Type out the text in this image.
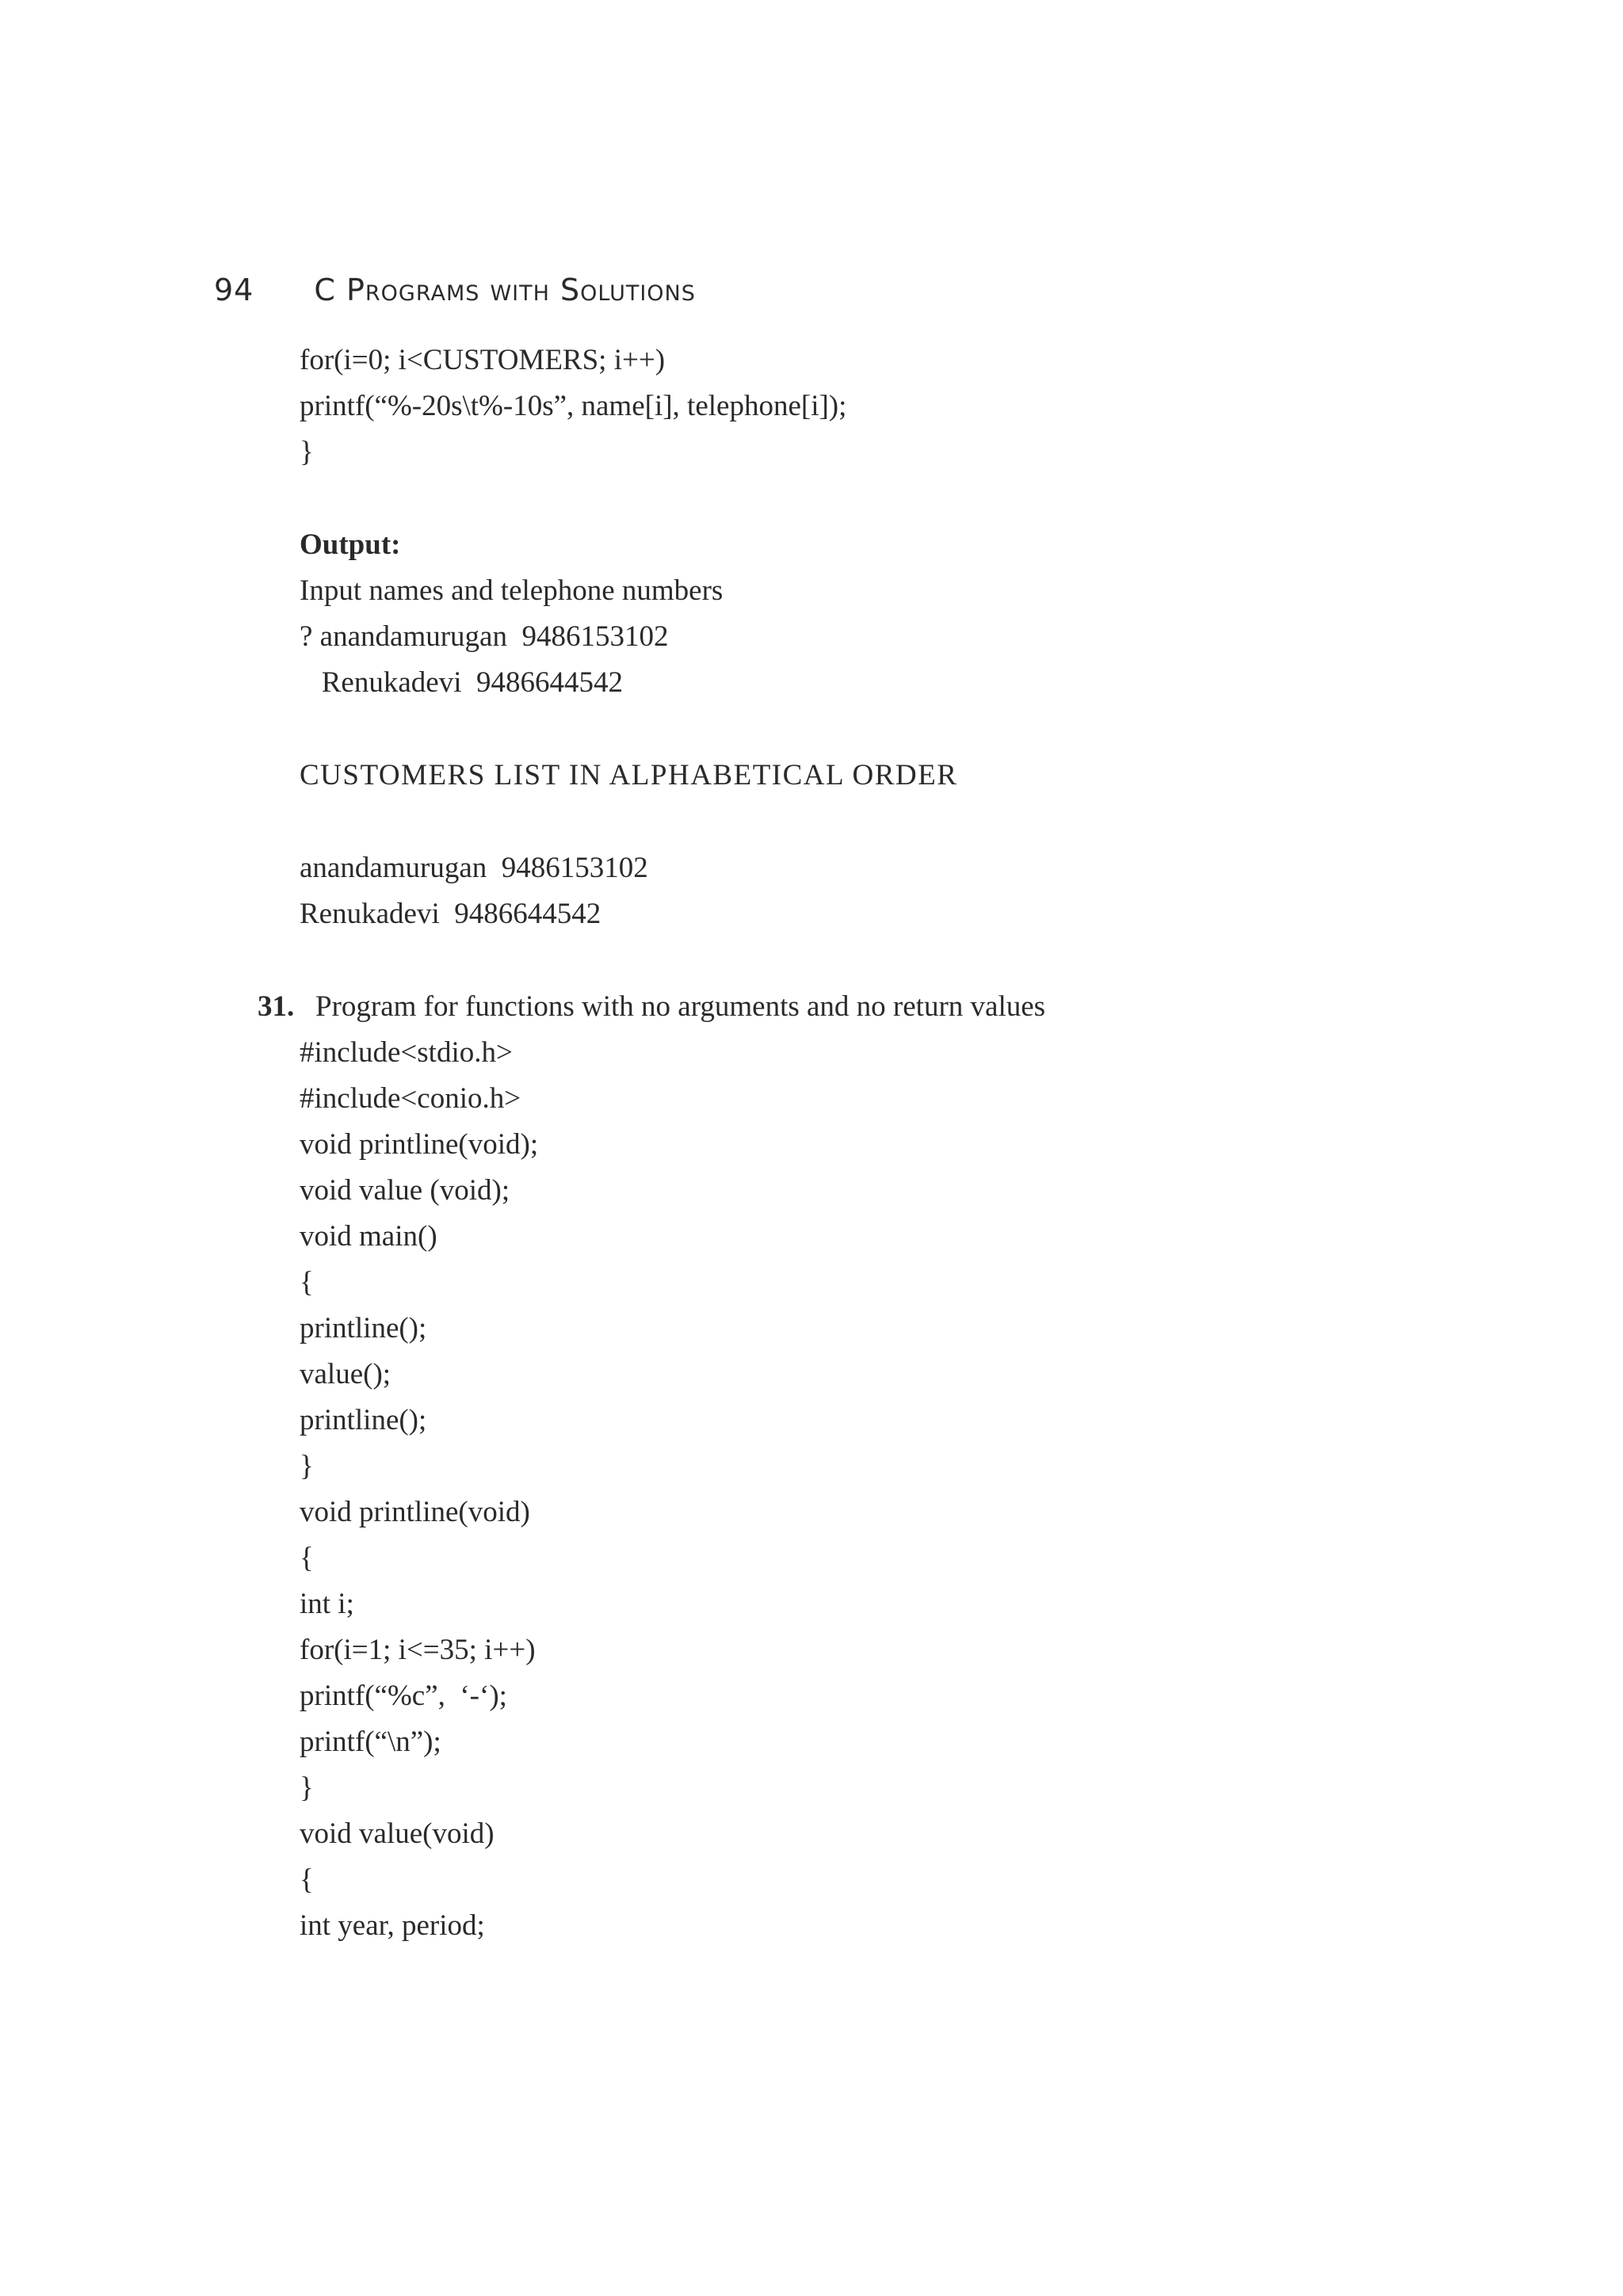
94 C Programs with Solutions
for(i=0; i<CUSTOMERS; i++)
printf(“%-20s\t%-10s”, name[i], telephone[i]);
}
Output:
Input names and telephone numbers
? anandamurugan  9486153102
Renukadevi  9486644542
CUSTOMERS LIST IN ALPHABETICAL ORDER
anandamurugan  9486153102
Renukadevi  9486644542
31. Program for functions with no arguments and no return values
#include<stdio.h>
#include<conio.h>
void printline(void);
void value (void);
void main()
{
printline();
value();
printline();
}
void printline(void)
{
int i;
for(i=1; i<=35; i++)
printf(“%c”,  ‘-‘);
printf(“\n”);
}
void value(void)
{
int year, period;
